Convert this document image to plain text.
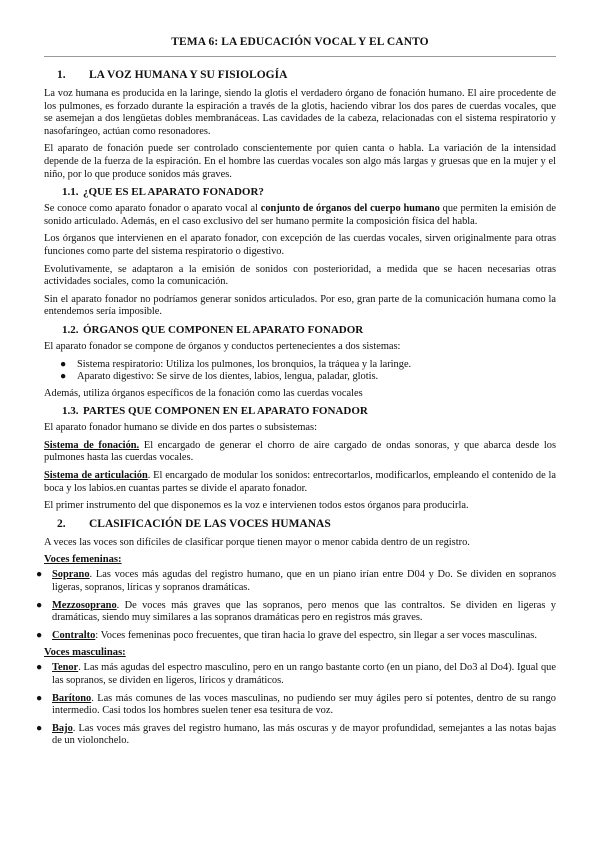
TEMA 6: LA EDUCACIÓN VOCAL Y EL CANTO
1. LA VOZ HUMANA Y SU FISIOLOGÍA

La voz humana es producida en la laringe, siendo la glotis el verdadero órgano de fonación humano. El aire procedente de los pulmones, es forzado durante la espiración a través de la glotis, haciendo vibrar los dos pares de cuerdas vocales, que se asemejan a dos lengüetas dobles membranáceas. Las cavidades de la cabeza, relacionadas con el sistema respiratorio y nasofaríngeo, actúan como resonadores.

El aparato de fonación puede ser controlado conscientemente por quien canta o habla. La variación de la intensidad depende de la fuerza de la espiración. En el hombre las cuerdas vocales son algo más largas y gruesas que en la mujer y el niño, por lo que produce sonidos más graves.

1.1. ¿QUE ES EL APARATO FONADOR?

Se conoce como aparato fonador o aparato vocal al conjunto de órganos del cuerpo humano que permiten la emisión de sonido articulado. Además, en el caso exclusivo del ser humano permite la composición física del habla.

Los órganos que intervienen en el aparato fonador, con excepción de las cuerdas vocales, sirven originalmente para otras funciones como parte del sistema respiratorio o digestivo.

Evolutivamente, se adaptaron a la emisión de sonidos con posterioridad, a medida que se hacen necesarias otras actividades sociales, como la comunicación.

Sin el aparato fonador no podríamos generar sonidos articulados. Por eso, gran parte de la comunicación humana como la entendemos sería imposible.

1.2. ÓRGANOS QUE COMPONEN EL APARATO FONADOR

El aparato fonador se compone de órganos y conductos pertenecientes a dos sistemas:

● Sistema respiratorio: Utiliza los pulmones, los bronquios, la tráquea y la laringe.
● Aparato digestivo: Se sirve de los dientes, labios, lengua, paladar, glotis.

Además, utiliza órganos específicos de la fonación como las cuerdas vocales

1.3. PARTES QUE COMPONEN EN EL APARATO FONADOR

El aparato fonador humano se divide en dos partes o subsistemas:

Sistema de fonación. El encargado de generar el chorro de aire cargado de ondas sonoras, y que abarca desde los pulmones hasta las cuerdas vocales.

Sistema de articulación. El encargado de modular los sonidos: entrecortarlos, modificarlos, empleando el contenido de la boca y los labios.en cuantas partes se divide el aparato fonador.

El primer instrumento del que disponemos es la voz e intervienen todos estos órganos para producirla.

2. CLASIFICACIÓN DE LAS VOCES HUMANAS

A veces las voces son difíciles de clasificar porque tienen mayor o menor cabida dentro de un registro.

Voces femeninas:
● Soprano. Las voces más agudas del registro humano, que en un piano irían entre D04 y Do. Se dividen en sopranos ligeras, sopranos, líricas y sopranos dramáticas.
● Mezzosoprano. De voces más graves que las sopranos, pero menos que las contraltos. Se dividen en ligeras y dramáticas, siendo muy similares a las sopranos dramáticas pero en registros más graves.
● Contralto: Voces femeninas poco frecuentes, que tiran hacia lo grave del espectro, sin llegar a ser voces masculinas.
Voces masculinas:
● Tenor. Las más agudas del espectro masculino, pero en un rango bastante corto (en un piano, del Do3 al Do4). Igual que las sopranos, se dividen en ligeros, líricos y dramáticos.
● Barítono. Las más comunes de las voces masculinas, no pudiendo ser muy ágiles pero sí potentes, dentro de su rango intermedio. Casi todos los hombres suelen tener esa tesitura de voz.
● Bajo. Las voces más graves del registro humano, las más oscuras y de mayor profundidad, semejantes a las notas bajas de un violonchelo.
